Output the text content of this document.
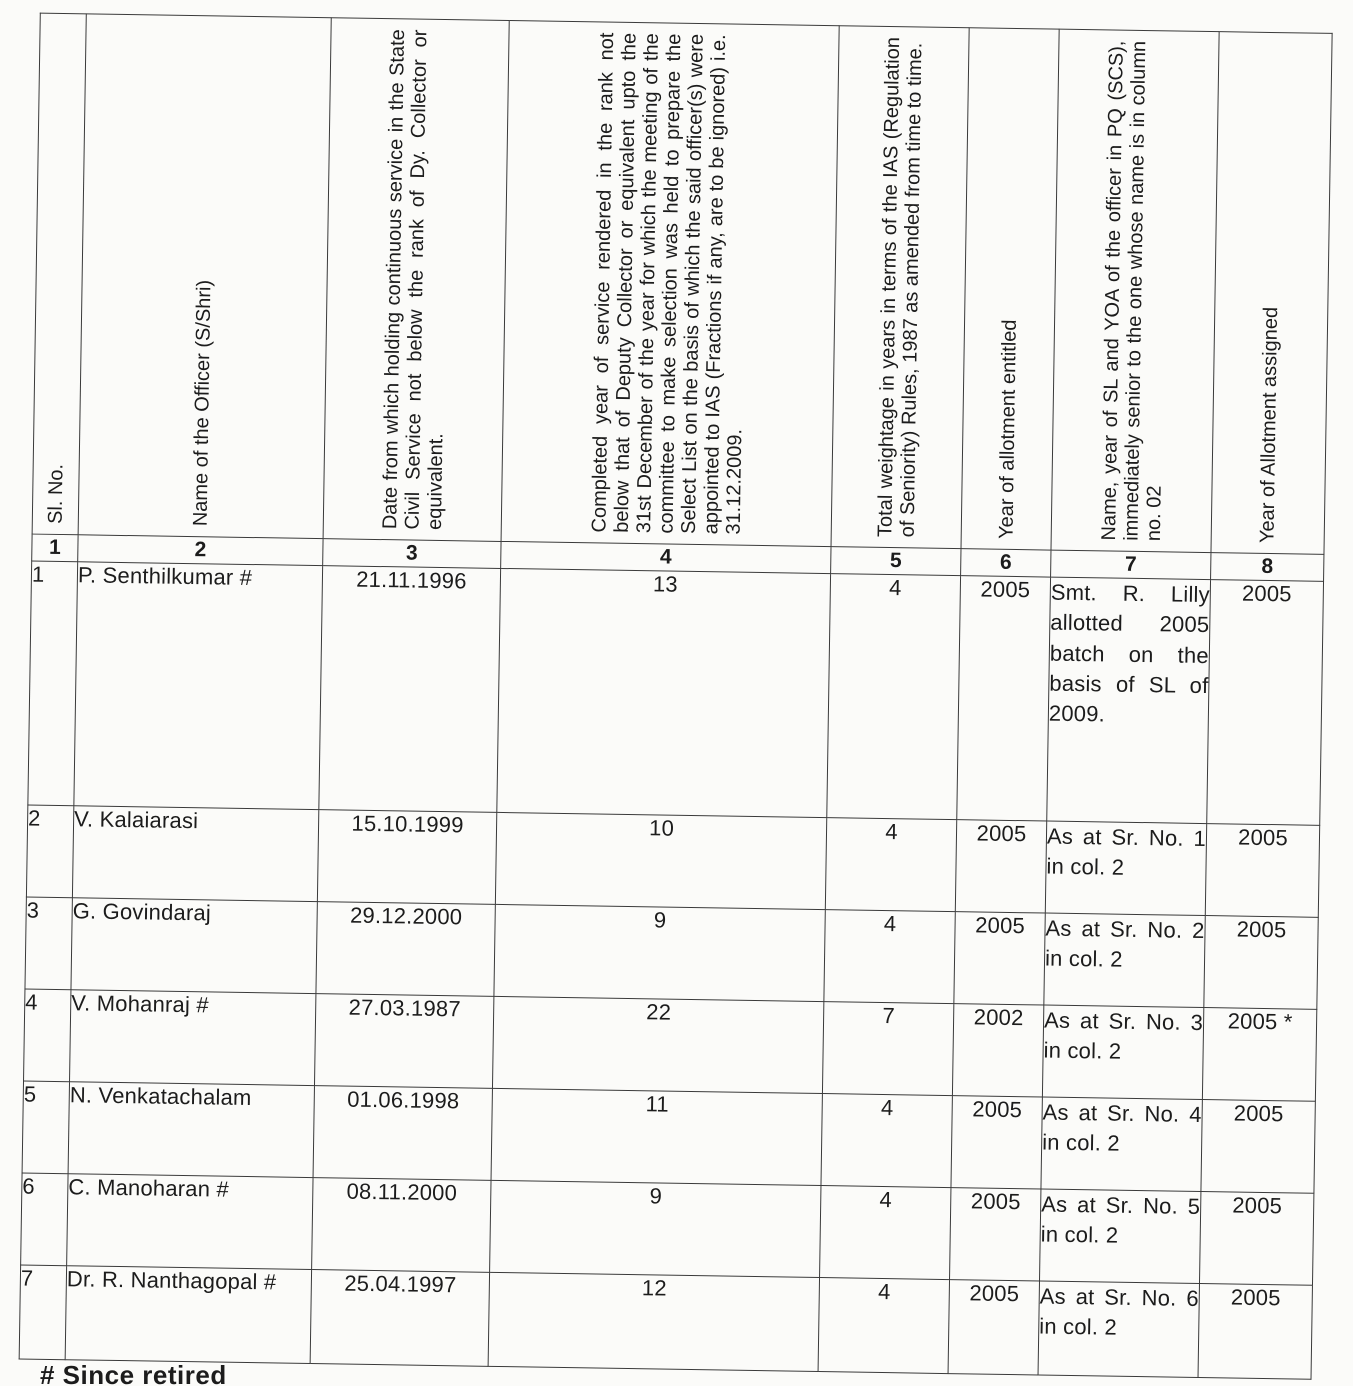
Sl. No.	Name of the Officer (S/Shri)	Date from which holding continuous service in the State Civil Service not below the rank of Dy. Collector or equivalent.	Completed year of service rendered in the rank not below that of Deputy Collector or equivalent upto the 31st December of the year for which the meeting of the committee to make selection was held to prepare the Select List on the basis of which the said officer(s) were appointed to IAS (Fractions if any, are to be ignored) i.e. 31.12.2009.	Total weightage in years in terms of the IAS (Regulation of Seniority) Rules, 1987 as amended from time to time.	Year of allotment entitled	Name, year of SL and YOA of the officer in PQ (SCS), immediately senior to the one whose name is in column no. 02	Year of Allotment assigned

1	2	3	4	5	6	7	8
1	P. Senthilkumar #	21.11.1996	13	4	2005	Smt. R. Lilly allotted 2005 batch on the basis of SL of 2009.	2005
2	V. Kalaiarasi	15.10.1999	10	4	2005	As at Sr. No. 1 in col. 2	2005
3	G. Govindaraj	29.12.2000	9	4	2005	As at Sr. No. 2 in col. 2	2005
4	V. Mohanraj #	27.03.1987	22	7	2002	As at Sr. No. 3 in col. 2	2005 *
5	N. Venkatachalam	01.06.1998	11	4	2005	As at Sr. No. 4 in col. 2	2005
6	C. Manoharan #	08.11.2000	9	4	2005	As at Sr. No. 5 in col. 2	2005
7	Dr. R. Nanthagopal #	25.04.1997	12	4	2005	As at Sr. No. 6 in col. 2	2005
# Since retired
